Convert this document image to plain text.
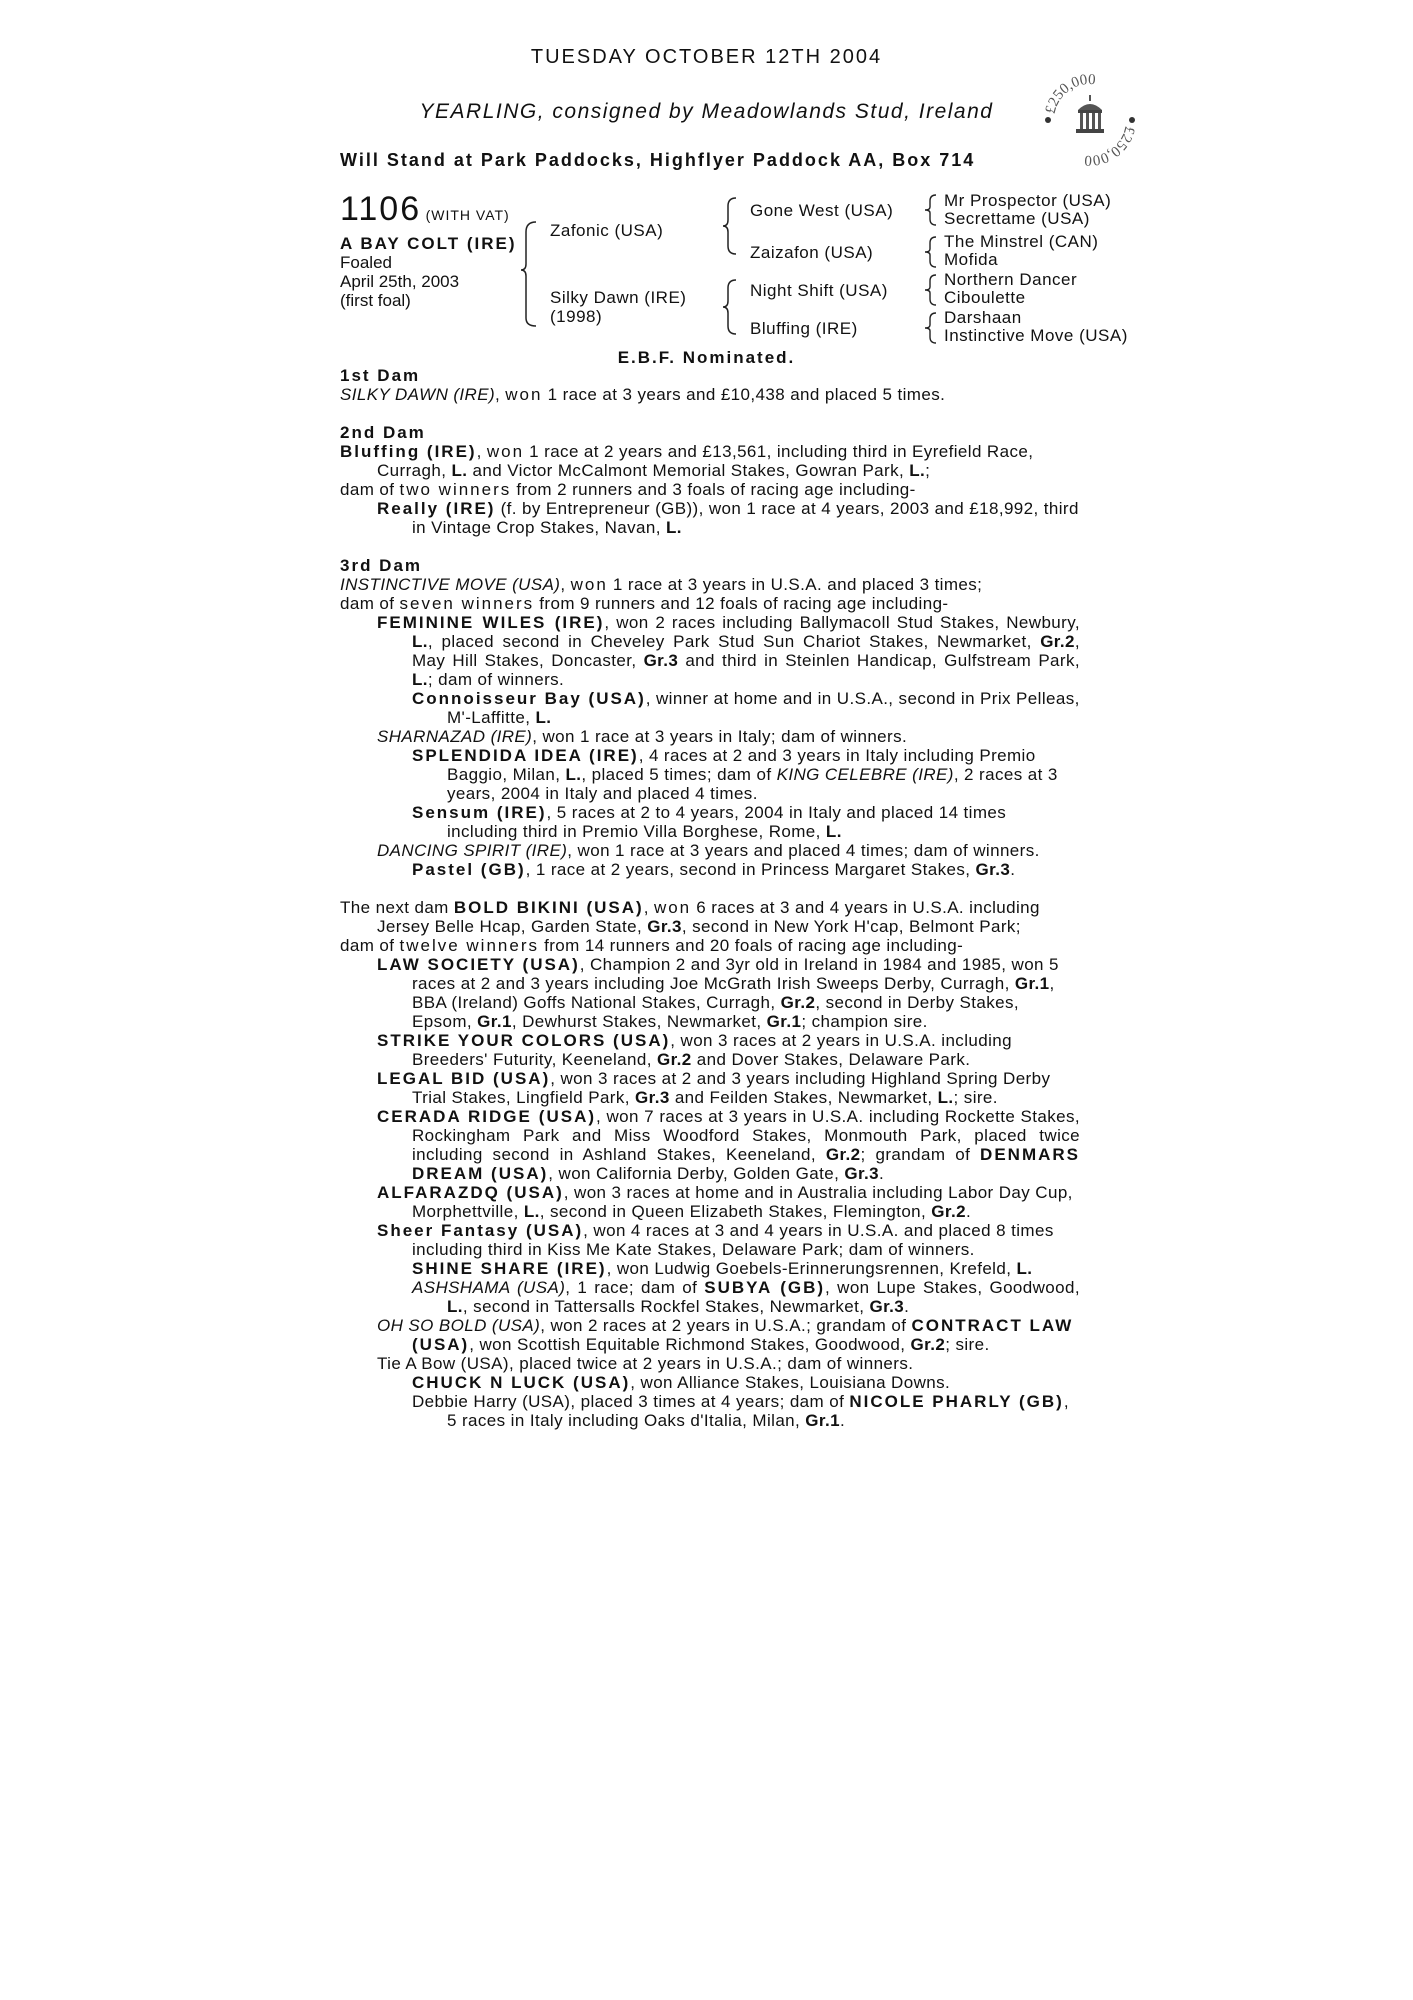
TUESDAY OCTOBER 12TH 2004
YEARLING, consigned by Meadowlands Stud, Ireland
Will Stand at Park Paddocks, Highflyer Paddock AA, Box 714
£250,000
£250,000
1106 (WITH VAT)
A BAY COLT (IRE)
Foaled
April 25th, 2003
(first foal)
Zafonic (USA)
Silky Dawn (IRE)
(1998)
Gone West (USA)
Zaizafon (USA)
Night Shift (USA)
Bluffing (IRE)
Mr Prospector (USA)
Secrettame (USA)
The Minstrel (CAN)
Mofida
Northern Dancer
Ciboulette
Darshaan
Instinctive Move (USA)
E.B.F. Nominated.

1st Dam

SILKY DAWN (IRE), won 1 race at 3 years and £10,438 and placed 5 times.

2nd Dam

Bluffing (IRE), won 1 race at 2 years and £13,561, including third in Eyrefield Race, Curragh, L. and Victor McCalmont Memorial Stakes, Gowran Park, L.;

dam of two winners from 2 runners and 3 foals of racing age including-

Really (IRE) (f. by Entrepreneur (GB)), won 1 race at 4 years, 2003 and £18,992, third in Vintage Crop Stakes, Navan, L.

3rd Dam

INSTINCTIVE MOVE (USA), won 1 race at 3 years in U.S.A. and placed 3 times;

dam of seven winners from 9 runners and 12 foals of racing age including-

FEMININE WILES (IRE), won 2 races including Ballymacoll Stud Stakes, Newbury, L., placed second in Cheveley Park Stud Sun Chariot Stakes, Newmarket, Gr.2, May Hill Stakes, Doncaster, Gr.3 and third in Steinlen Handicap, Gulfstream Park, L.; dam of winners.

Connoisseur Bay (USA), winner at home and in U.S.A., second in Prix Pelleas, M'-Laffitte, L.

SHARNAZAD (IRE), won 1 race at 3 years in Italy; dam of winners.

SPLENDIDA IDEA (IRE), 4 races at 2 and 3 years in Italy including Premio Baggio, Milan, L., placed 5 times; dam of KING CELEBRE (IRE), 2 races at 3 years, 2004 in Italy and placed 4 times.

Sensum (IRE), 5 races at 2 to 4 years, 2004 in Italy and placed 14 times including third in Premio Villa Borghese, Rome, L.

DANCING SPIRIT (IRE), won 1 race at 3 years and placed 4 times; dam of winners.

Pastel (GB), 1 race at 2 years, second in Princess Margaret Stakes, Gr.3.

The next dam BOLD BIKINI (USA), won 6 races at 3 and 4 years in U.S.A. including Jersey Belle Hcap, Garden State, Gr.3, second in New York H'cap, Belmont Park;

dam of twelve winners from 14 runners and 20 foals of racing age including-

LAW SOCIETY (USA), Champion 2 and 3yr old in Ireland in 1984 and 1985, won 5 races at 2 and 3 years including Joe McGrath Irish Sweeps Derby, Curragh, Gr.1, BBA (Ireland) Goffs National Stakes, Curragh, Gr.2, second in Derby Stakes, Epsom, Gr.1, Dewhurst Stakes, Newmarket, Gr.1; champion sire.

STRIKE YOUR COLORS (USA), won 3 races at 2 years in U.S.A. including Breeders' Futurity, Keeneland, Gr.2 and Dover Stakes, Delaware Park.

LEGAL BID (USA), won 3 races at 2 and 3 years including Highland Spring Derby Trial Stakes, Lingfield Park, Gr.3 and Feilden Stakes, Newmarket, L.; sire.

CERADA RIDGE (USA), won 7 races at 3 years in U.S.A. including Rockette Stakes, Rockingham Park and Miss Woodford Stakes, Monmouth Park, placed twice including second in Ashland Stakes, Keeneland, Gr.2; grandam of DENMARS DREAM (USA), won California Derby, Golden Gate, Gr.3.

ALFARAZDQ (USA), won 3 races at home and in Australia including Labor Day Cup, Morphettville, L., second in Queen Elizabeth Stakes, Flemington, Gr.2.

Sheer Fantasy (USA), won 4 races at 3 and 4 years in U.S.A. and placed 8 times including third in Kiss Me Kate Stakes, Delaware Park; dam of winners.

SHINE SHARE (IRE), won Ludwig Goebels-Erinnerungsrennen, Krefeld, L.

ASHSHAMA (USA), 1 race; dam of SUBYA (GB), won Lupe Stakes, Goodwood, L., second in Tattersalls Rockfel Stakes, Newmarket, Gr.3.

OH SO BOLD (USA), won 2 races at 2 years in U.S.A.; grandam of CONTRACT LAW (USA), won Scottish Equitable Richmond Stakes, Goodwood, Gr.2; sire.

Tie A Bow (USA), placed twice at 2 years in U.S.A.; dam of winners.

CHUCK N LUCK (USA), won Alliance Stakes, Louisiana Downs.

Debbie Harry (USA), placed 3 times at 4 years; dam of NICOLE PHARLY (GB), 5 races in Italy including Oaks d'Italia, Milan, Gr.1.
